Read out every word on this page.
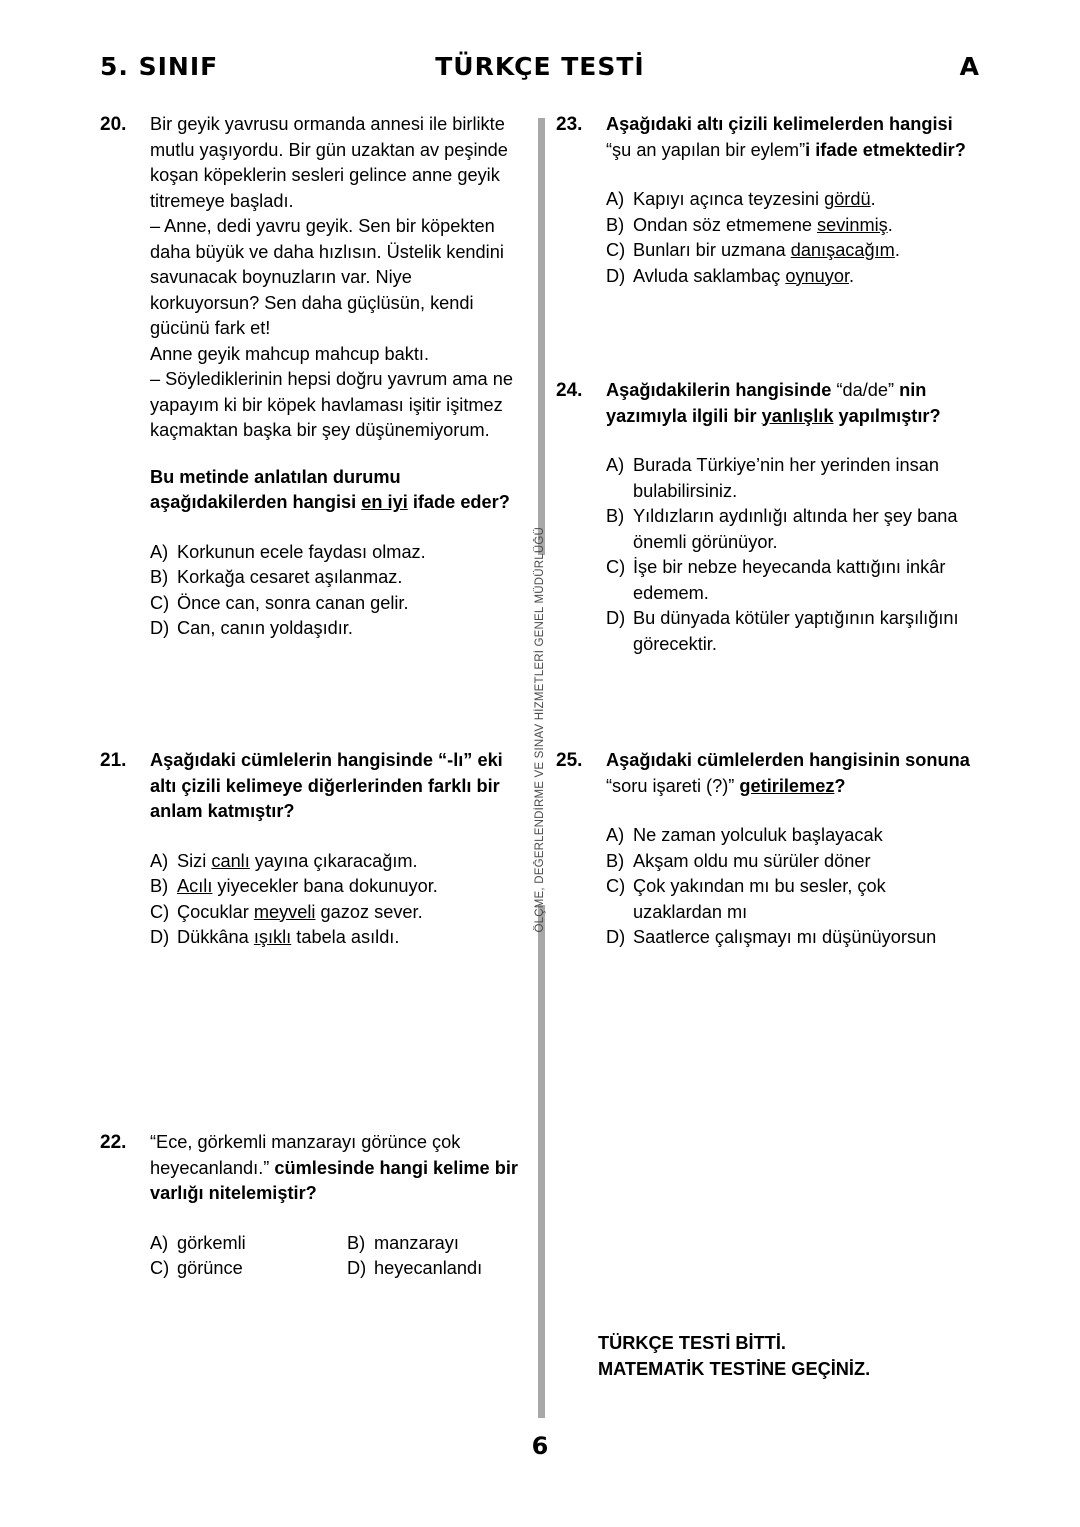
5. SINIF	TÜRKÇE TESTİ	A
ÖLÇME, DEĞERLENDİRME VE SINAV HİZMETLERİ GENEL MÜDÜRLÜĞÜ
20.	Bir geyik yavrusu ormanda annesi ile birlikte mutlu yaşıyordu. Bir gün uzaktan av peşinde koşan köpeklerin sesleri gelince anne geyik titremeye başladı.

– Anne, dedi yavru geyik. Sen bir köpekten daha büyük ve daha hızlısın. Üstelik kendini savunacak boynuzların var. Niye korkuyorsun? Sen daha güçlüsün, kendi gücünü fark et!

Anne geyik mahcup mahcup baktı.

– Söylediklerinin hepsi doğru yavrum ama ne yapayım ki bir köpek havlaması işitir işitmez kaçmaktan başka bir şey düşünemiyorum.

Bu metinde anlatılan durumu aşağıdakilerden hangisi en iyi ifade eder?

A) Korkunun ecele faydası olmaz.
B) Korkağa cesaret aşılanmaz.
C) Önce can, sonra canan gelir.
D) Can, canın yoldaşıdır.
21.	Aşağıdaki cümlelerin hangisinde “-lı” eki altı çizili kelimeye diğerlerinden farklı bir anlam katmıştır?

A) Sizi canlı yayına çıkaracağım.
B) Acılı yiyecekler bana dokunuyor.
C) Çocuklar meyveli gazoz sever.
D) Dükkâna ışıklı tabela asıldı.
22.	“Ece, görkemli manzarayı görünce çok heyecanlandı.” cümlesinde hangi kelime bir varlığı nitelemiştir?

A) görkemli	B) manzarayı
C) görünce	D) heyecanlandı
23.	Aşağıdaki altı çizili kelimelerden hangisi “şu an yapılan bir eylem”i ifade etmektedir?

A) Kapıyı açınca teyzesini gördü.
B) Ondan söz etmemene sevinmiş.
C) Bunları bir uzmana danışacağım.
D) Avluda saklambaç oynuyor.
24.	Aşağıdakilerin hangisinde “da/de” nin yazımıyla ilgili bir yanlışlık yapılmıştır?

A) Burada Türkiye’nin her yerinden insan bulabilirsiniz.
B) Yıldızların aydınlığı altında her şey bana önemli görünüyor.
C) İşe bir nebze heyecanda kattığını inkâr edemem.
D) Bu dünyada kötüler yaptığının karşılığını görecektir.
25.	Aşağıdaki cümlelerden hangisinin sonuna “soru işareti (?)” getirilemez?

A) Ne zaman yolculuk başlayacak
B) Akşam oldu mu sürüler döner
C) Çok yakından mı bu sesler, çok uzaklardan mı
D) Saatlerce çalışmayı mı düşünüyorsun

TÜRKÇE TESTİ BİTTİ.

MATEMATİK TESTİNE GEÇİNİZ.

6
